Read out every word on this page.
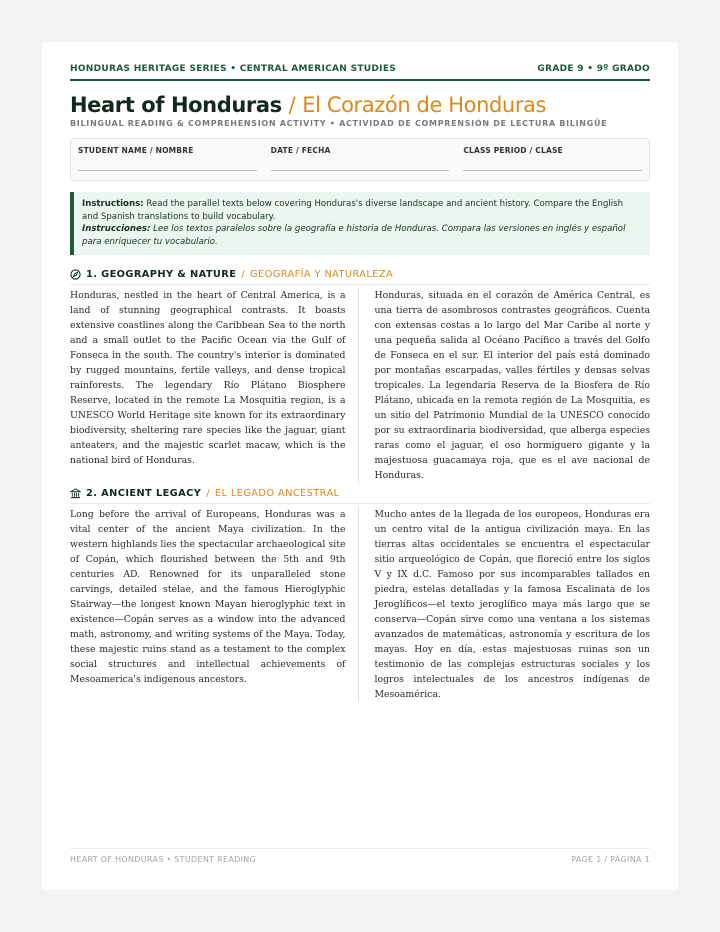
HONDURAS HERITAGE SERIES • CENTRAL AMERICAN STUDIES	GRADE 9 • 9º GRADO
Heart of Honduras / El Corazón de Honduras
BILINGUAL READING & COMPREHENSION ACTIVITY • ACTIVIDAD DE COMPRENSIÓN DE LECTURA BILINGÜE
STUDENT NAME / NOMBRE	DATE / FECHA	CLASS PERIOD / CLASE
Instructions: Read the parallel texts below covering Honduras's diverse landscape and ancient history. Compare the English and Spanish translations to build vocabulary.
Instrucciones: Lee los textos paralelos sobre la geografía e historia de Honduras. Compara las versiones en inglés y español para enriquecer tu vocabulario.
1. GEOGRAPHY & NATURE / GEOGRAFÍA Y NATURALEZA

Honduras, nestled in the heart of Central America, is a land of stunning geographical contrasts. It boasts extensive coastlines along the Caribbean Sea to the north and a small outlet to the Pacific Ocean via the Gulf of Fonseca in the south. The country's interior is dominated by rugged mountains, fertile valleys, and dense tropical rainforests. The legendary Río Plátano Biosphere Reserve, located in the remote La Mosquitia region, is a UNESCO World Heritage site known for its extraordinary biodiversity, sheltering rare species like the jaguar, giant anteaters, and the majestic scarlet macaw, which is the national bird of Honduras.

Honduras, situada en el corazón de América Central, es una tierra de asombrosos contrastes geográficos. Cuenta con extensas costas a lo largo del Mar Caribe al norte y una pequeña salida al Océano Pacífico a través del Golfo de Fonseca en el sur. El interior del país está dominado por montañas escarpadas, valles fértiles y densas selvas tropicales. La legendaria Reserva de la Biosfera de Río Plátano, ubicada en la remota región de La Mosquitia, es un sitio del Patrimonio Mundial de la UNESCO conocido por su extraordinaria biodiversidad, que alberga especies raras como el jaguar, el oso hormiguero gigante y la majestuosa guacamaya roja, que es el ave nacional de Honduras.

2. ANCIENT LEGACY / EL LEGADO ANCESTRAL

Long before the arrival of Europeans, Honduras was a vital center of the ancient Maya civilization. In the western highlands lies the spectacular archaeological site of Copán, which flourished between the 5th and 9th centuries AD. Renowned for its unparalleled stone carvings, detailed stelae, and the famous Hieroglyphic Stairway—the longest known Mayan hieroglyphic text in existence—Copán serves as a window into the advanced math, astronomy, and writing systems of the Maya. Today, these majestic ruins stand as a testament to the complex social structures and intellectual achievements of Mesoamerica's indigenous ancestors.

Mucho antes de la llegada de los europeos, Honduras era un centro vital de la antigua civilización maya. En las tierras altas occidentales se encuentra el espectacular sitio arqueológico de Copán, que floreció entre los siglos V y IX d.C. Famoso por sus incomparables tallados en piedra, estelas detalladas y la famosa Escalinata de los Jeroglíficos—el texto jeroglífico maya más largo que se conserva—Copán sirve como una ventana a los sistemas avanzados de matemáticas, astronomía y escritura de los mayas. Hoy en día, estas majestuosas ruinas son un testimonio de las complejas estructuras sociales y los logros intelectuales de los ancestros indígenas de Mesoamérica.

HEART OF HONDURAS • STUDENT READING	PAGE 1 / PÁGINA 1
